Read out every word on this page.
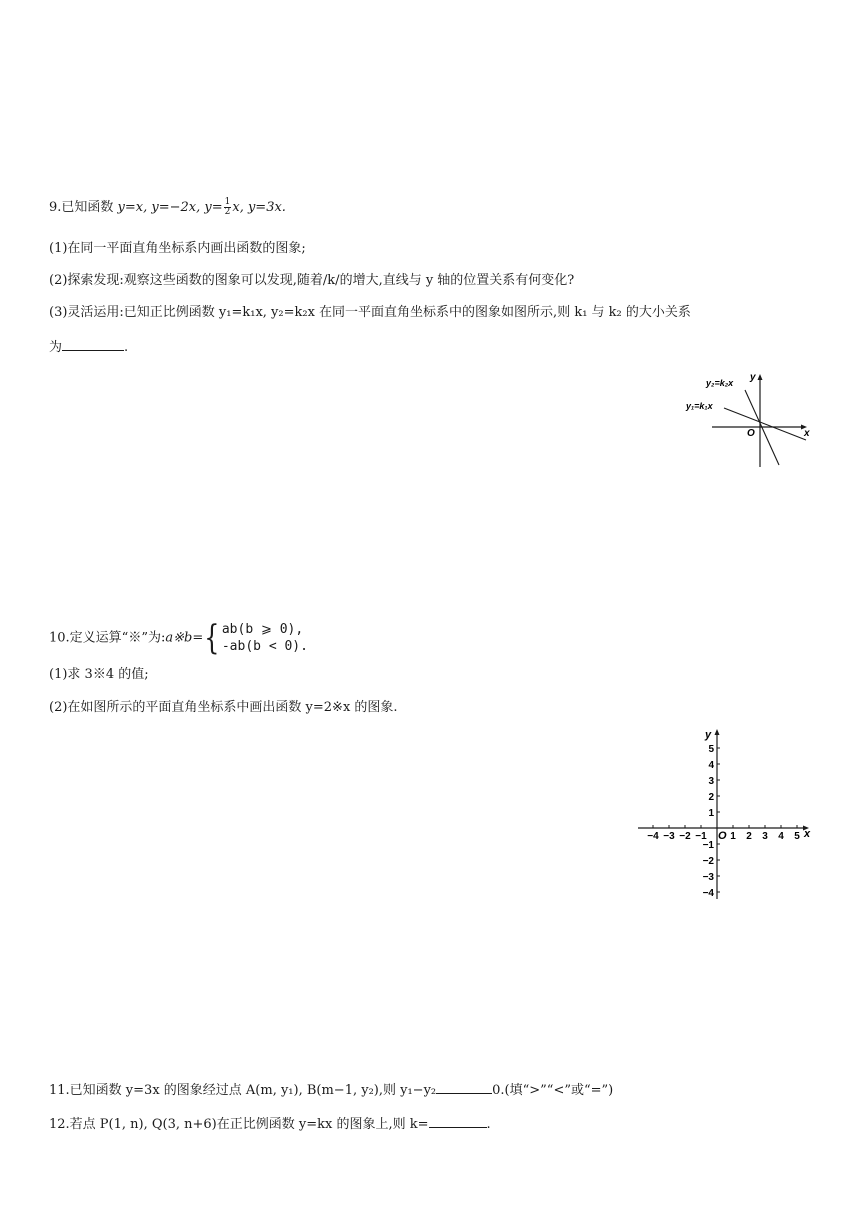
9.已知函数 y=x, y=−2x, $y= \frac{1}{2} x$, y=3x.
(1)在同一平面直角坐标系内画出函数的图象;
(2)探索发现:观察这些函数的图象可以发现,随着/k/的增大,直线与 y 轴的位置关系有何变化?
(3)灵活运用:已知正比例函数 y₁=k₁x, y₂=k₂x 在同一平面直角坐标系中的图象如图所示,则 k₁ 与 k₂ 的大小关系
为	.
y₂=k₂x
y₁=k₁x
y
x
O
10.定义运算“※”为:a※b= { ab(b ⩾ 0),
-ab(b < 0).
(1)求 3※4 的值;
(2)在如图所示的平面直角坐标系中画出函数 y=2※x 的图象.
y
x
O
−4 −3 −2 −1 1 2 3 4 5
5
4
3
2
1
−1
−2
−3
−4
11.已知函数 y=3x 的图象经过点 A(m, y₁), B(m−1, y₂),则 y₁−y₂	0.(填“>”“<”或“=”)
12.若点 P(1, n), Q(3, n+6)在正比例函数 y=kx 的图象上,则 k=	.
